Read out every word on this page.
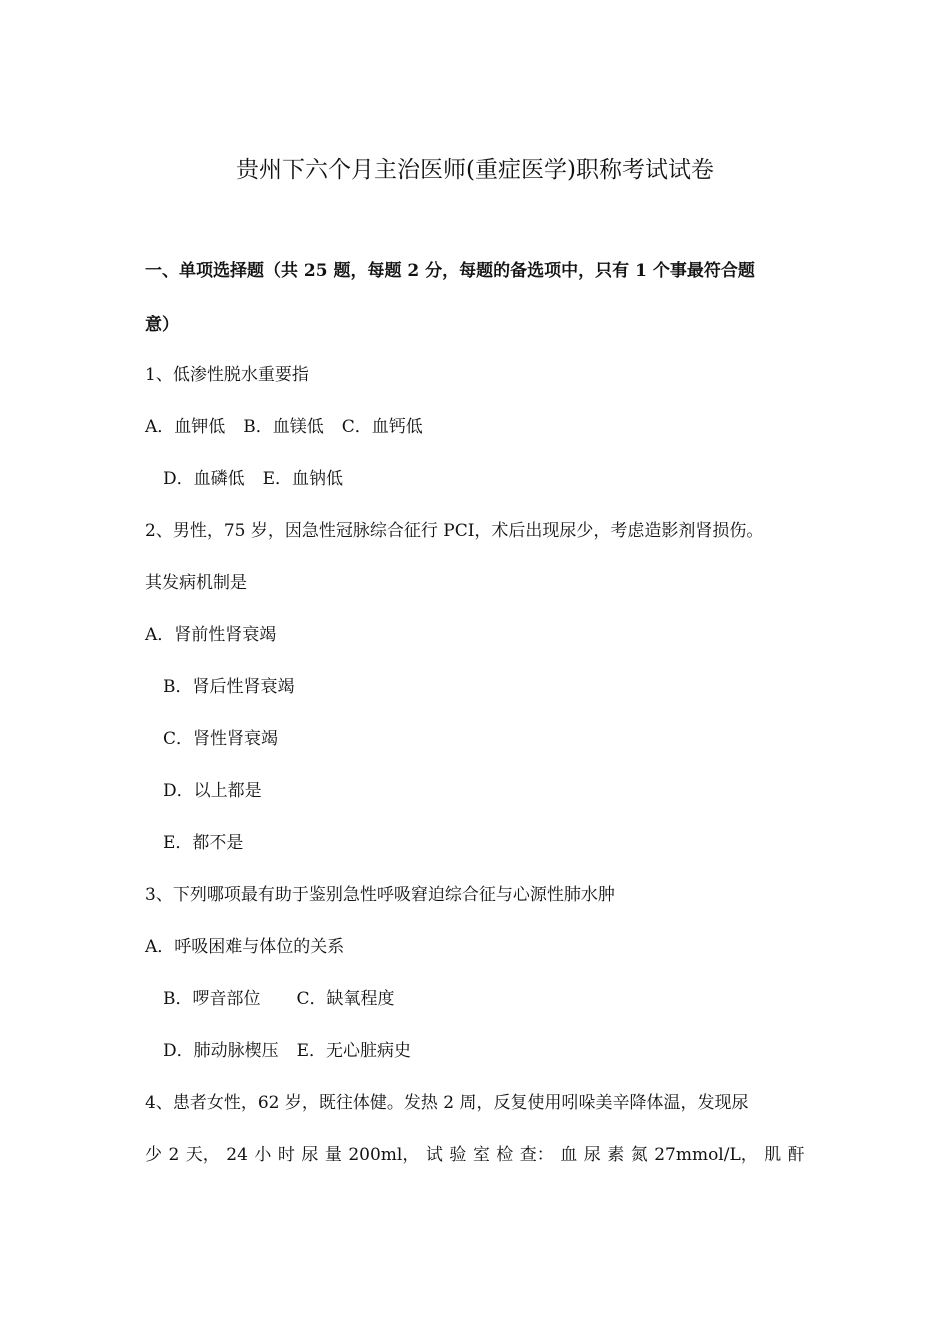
贵州下六个月主治医师(重症医学)职称考试试卷
一、单项选择题（共 25 题，每题 2 分，每题的备选项中，只有 1 个事最符合题
意）
1、低渗性脱水重要指
A．血钾低 B．血镁低 C．血钙低
D．血磷低 E．血钠低
2、男性，75 岁，因急性冠脉综合征行 PCI，术后出现尿少，考虑造影剂肾损伤。
其发病机制是
A．肾前性肾衰竭
B．肾后性肾衰竭
C．肾性肾衰竭
D．以上都是
E．都不是
3、下列哪项最有助于鉴别急性呼吸窘迫综合征与心源性肺水肿
A．呼吸困难与体位的关系
B．啰音部位 C．缺氧程度
D．肺动脉楔压 E．无心脏病史
4、患者女性，62 岁，既往体健。发热 2 周，反复使用吲哚美辛降体温，发现尿
少 2 天， 24 小 时 尿 量 200ml， 试 验 室 检 查： 血 尿 素 氮 27mmol/L， 肌 酐
